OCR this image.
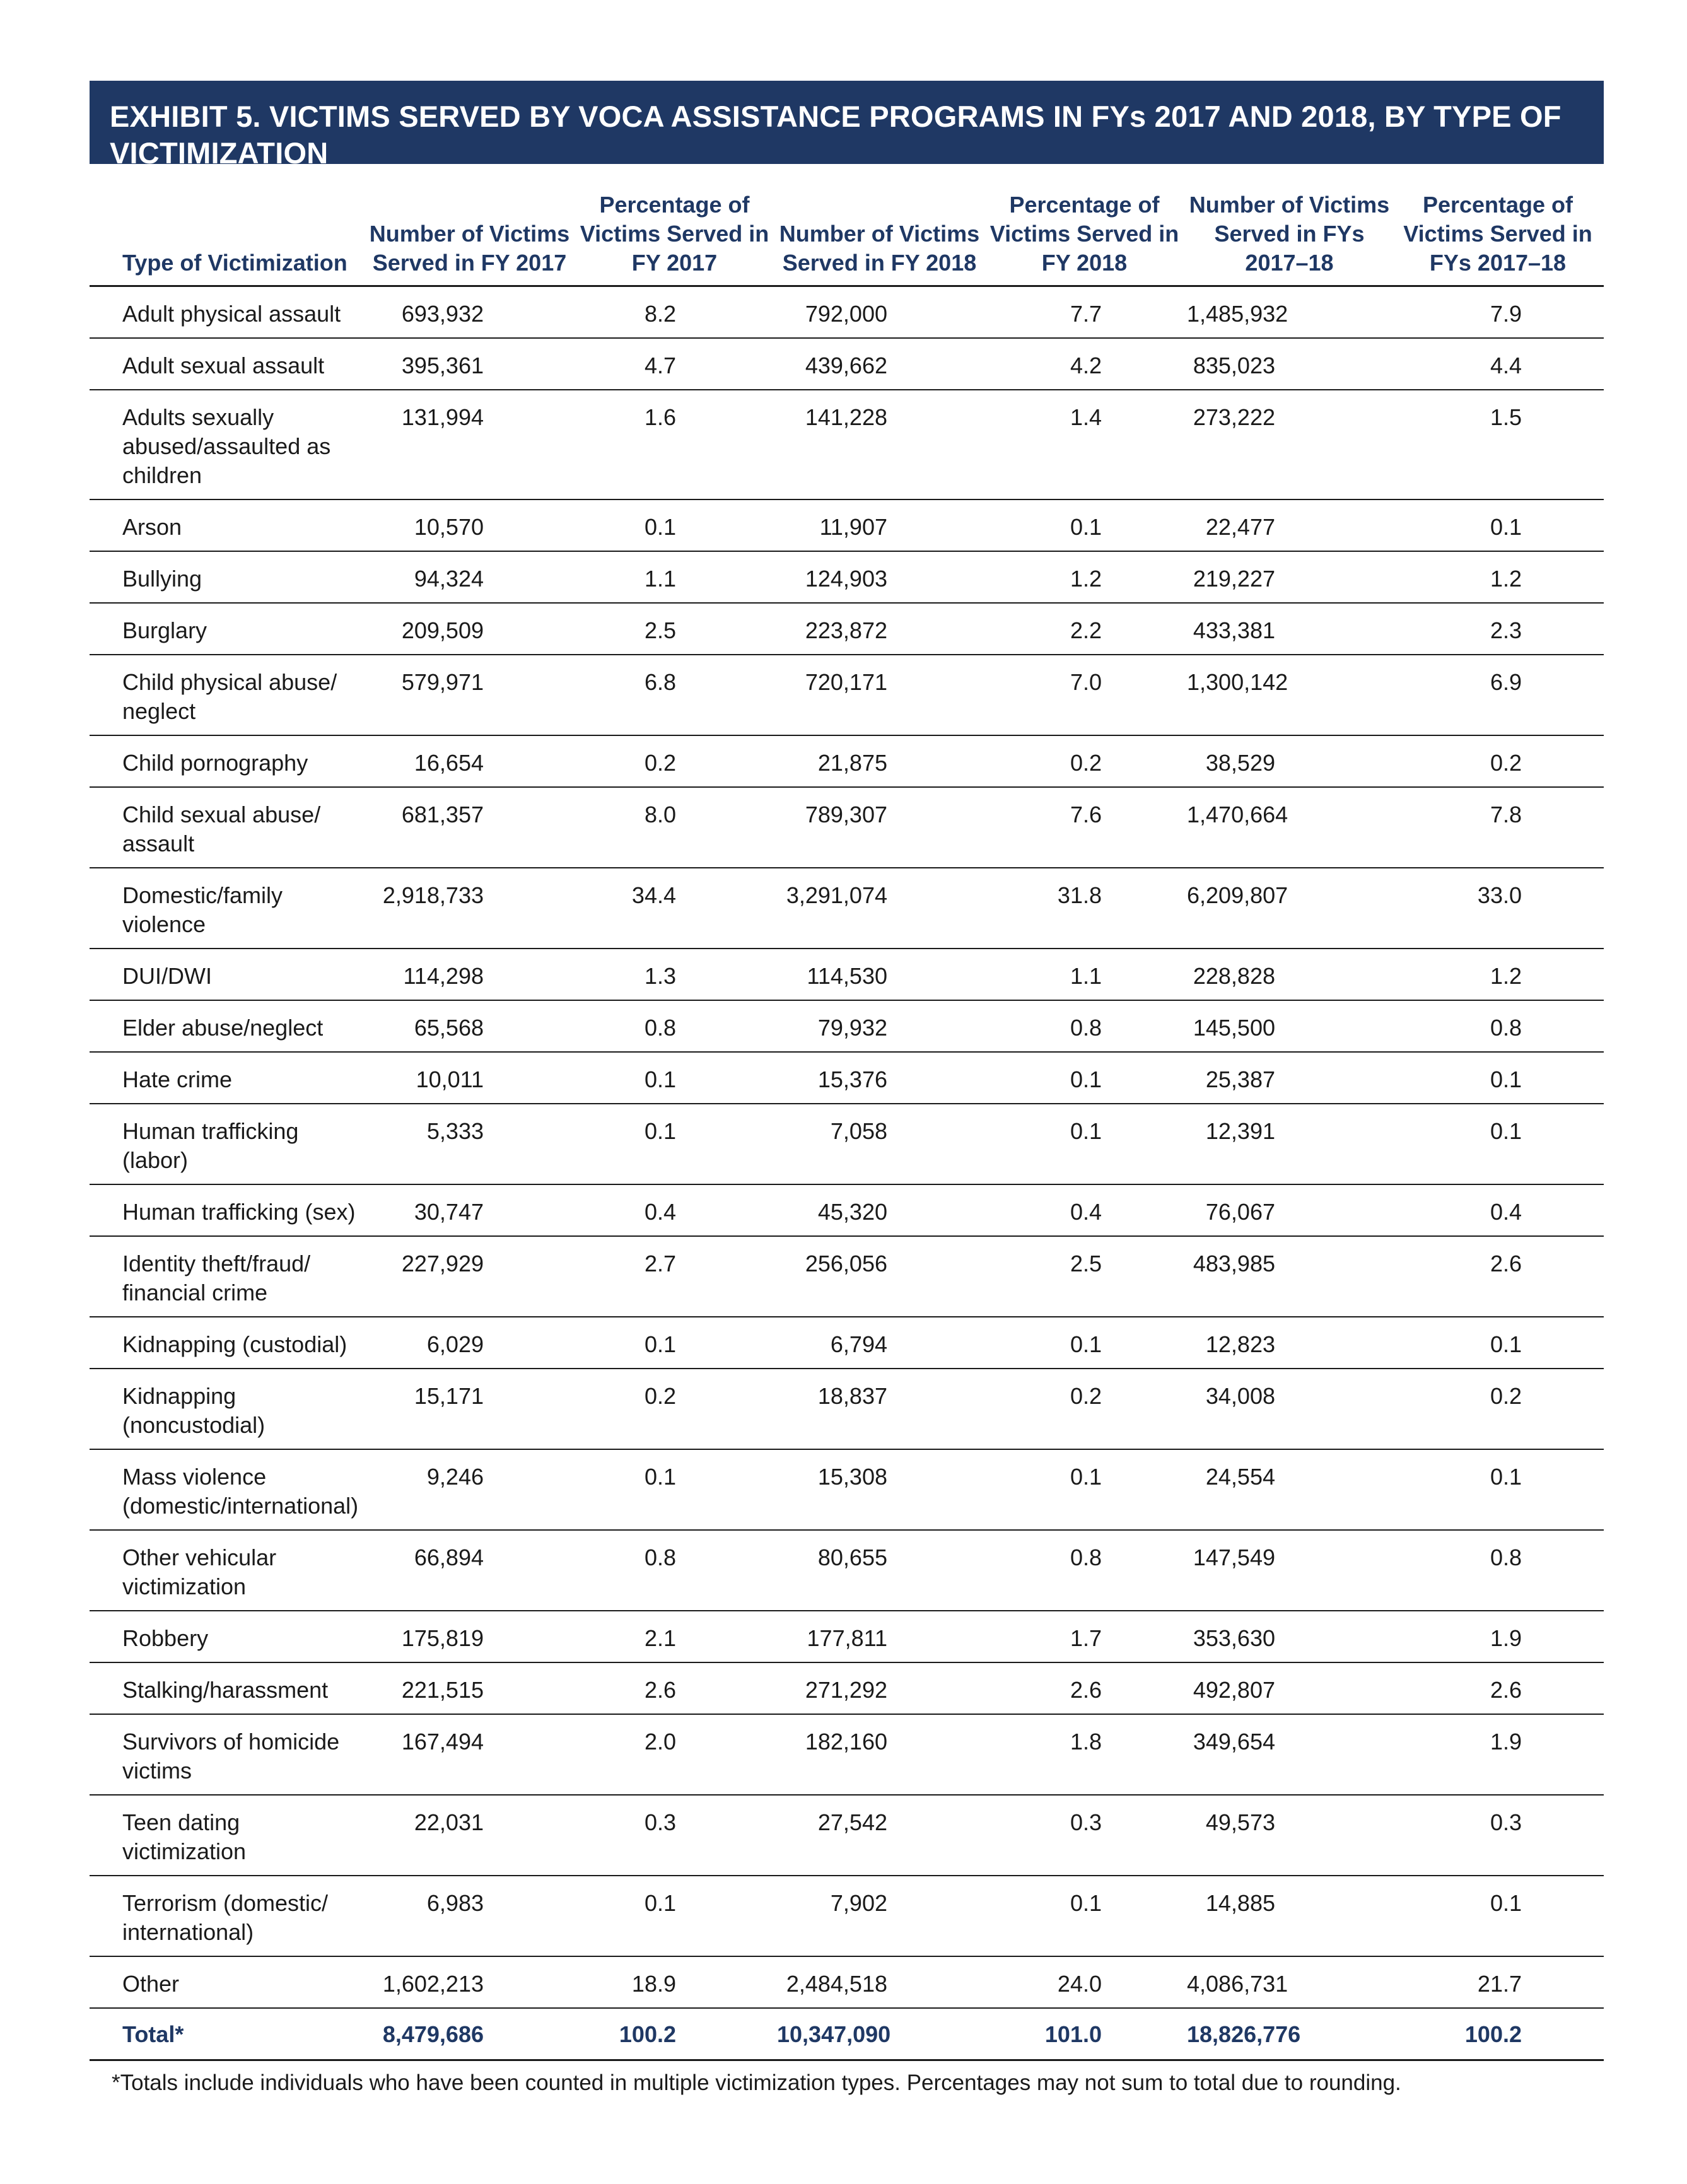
EXHIBIT 5. VICTIMS SERVED BY VOCA ASSISTANCE PROGRAMS IN FYs 2017 AND 2018, BY TYPE OF VICTIMIZATION
Type of Victimization	Number of Victims Served in FY 2017	Percentage of Victims Served in FY 2017	Number of Victims Served in FY 2018	Percentage of Victims Served in FY 2018	Number of Victims Served in FYs 2017–18	Percentage of Victims Served in FYs 2017–18
Adult physical assault	693,932	8.2	792,000	7.7	1,485,932	7.9
Adult sexual assault	395,361	4.7	439,662	4.2	835,023	4.4
Adults sexually abused/assaulted as children	131,994	1.6	141,228	1.4	273,222	1.5
Arson	10,570	0.1	11,907	0.1	22,477	0.1
Bullying	94,324	1.1	124,903	1.2	219,227	1.2
Burglary	209,509	2.5	223,872	2.2	433,381	2.3
Child physical abuse/ neglect	579,971	6.8	720,171	7.0	1,300,142	6.9
Child pornography	16,654	0.2	21,875	0.2	38,529	0.2
Child sexual abuse/ assault	681,357	8.0	789,307	7.6	1,470,664	7.8
Domestic/family violence	2,918,733	34.4	3,291,074	31.8	6,209,807	33.0
DUI/DWI	114,298	1.3	114,530	1.1	228,828	1.2
Elder abuse/neglect	65,568	0.8	79,932	0.8	145,500	0.8
Hate crime	10,011	0.1	15,376	0.1	25,387	0.1
Human trafficking (labor)	5,333	0.1	7,058	0.1	12,391	0.1
Human trafficking (sex)	30,747	0.4	45,320	0.4	76,067	0.4
Identity theft/fraud/ financial crime	227,929	2.7	256,056	2.5	483,985	2.6
Kidnapping (custodial)	6,029	0.1	6,794	0.1	12,823	0.1
Kidnapping (noncustodial)	15,171	0.2	18,837	0.2	34,008	0.2
Mass violence (domestic/international)	9,246	0.1	15,308	0.1	24,554	0.1
Other vehicular victimization	66,894	0.8	80,655	0.8	147,549	0.8
Robbery	175,819	2.1	177,811	1.7	353,630	1.9
Stalking/harassment	221,515	2.6	271,292	2.6	492,807	2.6
Survivors of homicide victims	167,494	2.0	182,160	1.8	349,654	1.9
Teen dating victimization	22,031	0.3	27,542	0.3	49,573	0.3
Terrorism (domestic/ international)	6,983	0.1	7,902	0.1	14,885	0.1
Other	1,602,213	18.9	2,484,518	24.0	4,086,731	21.7
Total*	8,479,686	100.2	10,347,090	101.0	18,826,776	100.2
*Totals include individuals who have been counted in multiple victimization types. Percentages may not sum to total due to rounding.
